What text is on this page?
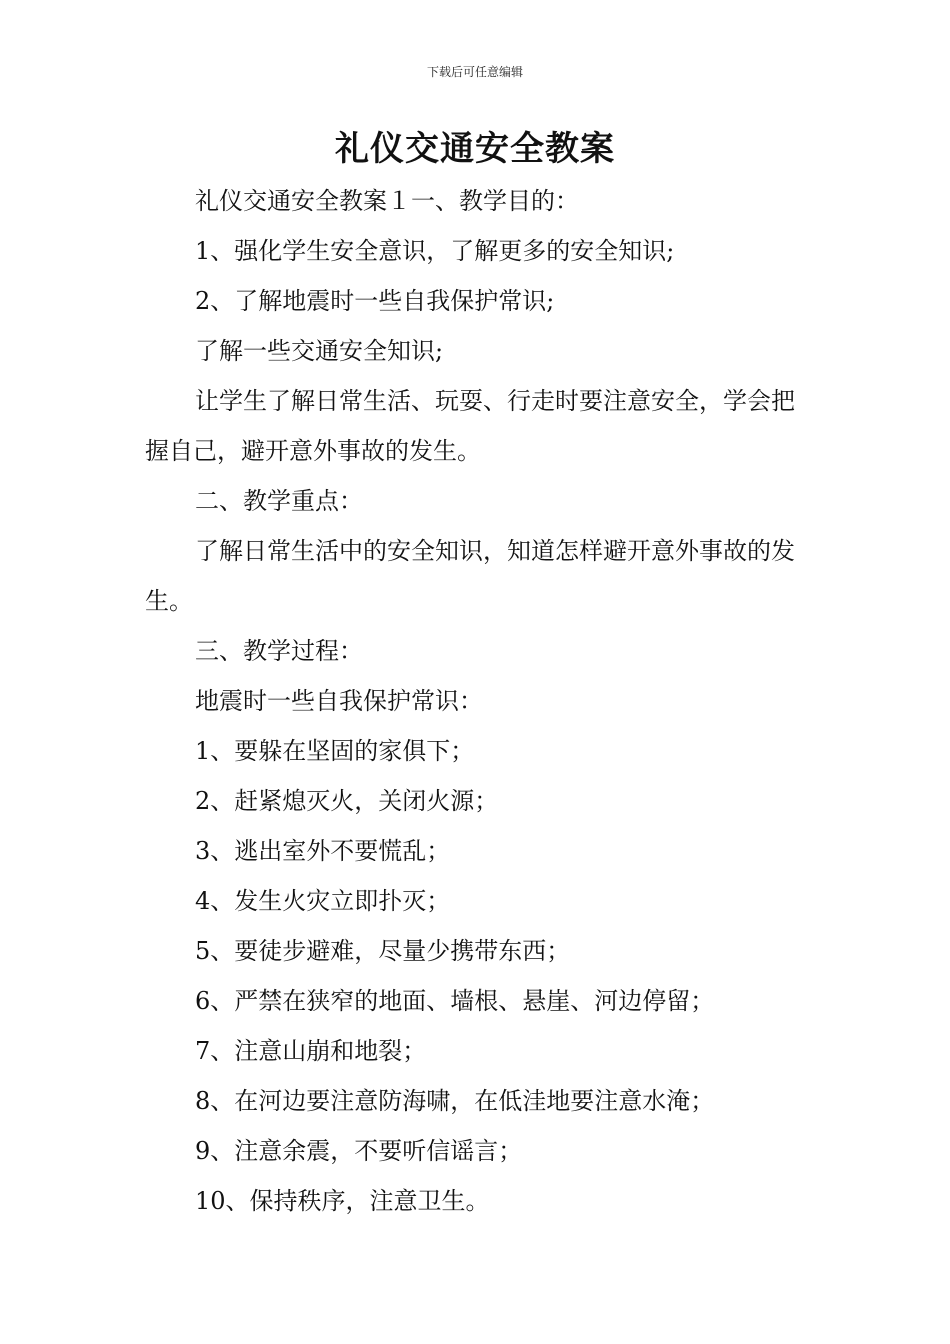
下载后可任意编辑
礼仪交通安全教案

礼仪交通安全教案１一、教学目的：

1、强化学生安全意识，了解更多的安全知识;

2、了解地震时一些自我保护常识;

了解一些交通安全知识;

让学生了解日常生活、玩耍、行走时要注意安全，学会把握自己，避开意外事故的发生。

二、教学重点：

了解日常生活中的安全知识，知道怎样避开意外事故的发生。

三、教学过程：

地震时一些自我保护常识：

1、要躲在坚固的家俱下；

2、赶紧熄灭火，关闭火源；

3、逃出室外不要慌乱；

4、发生火灾立即扑灭；

5、要徒步避难，尽量少携带东西；

6、严禁在狭窄的地面、墙根、悬崖、河边停留；

7、注意山崩和地裂；

8、在河边要注意防海啸，在低洼地要注意水淹；

9、注意余震，不要听信谣言；

10、保持秩序，注意卫生。
